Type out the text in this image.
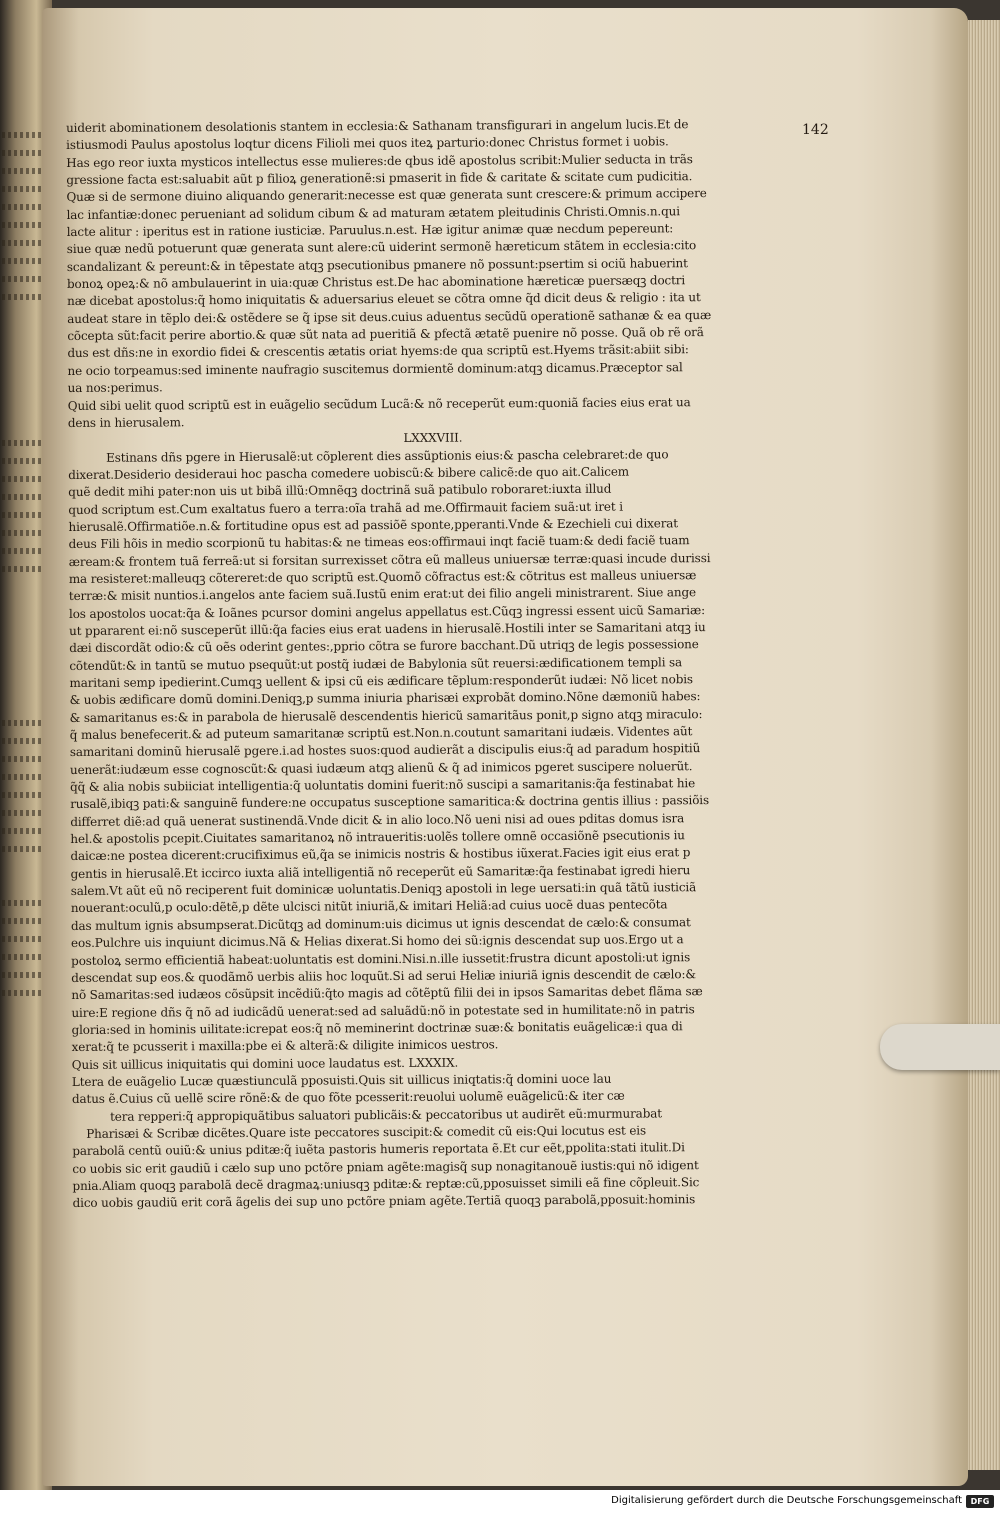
142
uiderit abominationem desolationis stantem in ecclesia:& Sathanam transfigurari in angelum lucis.Et de
istiusmodi Paulus apostolus loqtur dicens Filioli mei quos iteꝝ parturio:donec Christus formet i uobis.
Has ego reor iuxta mysticos intellectus esse mulieres:de qbus idẽ apostolus scribit:Mulier seducta in trãs
gressione facta est:saluabit aũt p filioꝝ generationẽ:si pmaserit in fide & caritate & scitate cum pudicitia.
Quæ si de sermone diuino aliquando generarit:necesse est quæ generata sunt crescere:& primum accipere
lac infantiæ:donec perueniant ad solidum cibum & ad maturam ætatem pleitudinis Christi.Omnis.n.qui
lacte alitur : iperitus est in ratione iusticiæ. Paruulus.n.est. Hæ igitur animæ quæ necdum pepereunt:
siue quæ nedũ potuerunt quæ generata sunt alere:cũ uiderint sermonẽ hæreticum stãtem in ecclesia:cito
scandalizant & pereunt:& in tẽpestate atqꝫ psecutionibus pmanere nõ possunt:psertim si ociũ habuerint
bonoꝝ opeꝝ:& nõ ambulauerint in uia:quæ Christus est.De hac abominatione hæreticæ puersæqꝫ doctri
næ dicebat apostolus:q̃ homo iniquitatis & aduersarius eleuet se cõtra omne q̃d dicit deus & religio : ita ut
audeat stare in tẽplo dei:& ostẽdere se q̃ ipse sit deus.cuius aduentus secũdũ operationẽ sathanæ & ea quæ
cõcepta sũt:facit perire abortio.& quæ sũt nata ad pueritiã & pfectã ætatẽ puenire nõ posse. Quã ob rẽ orã
dus est dñs:ne in exordio fidei & crescentis ætatis oriat hyems:de qua scriptũ est.Hyems trãsit:abiit sibi:
ne ocio torpeamus:sed iminente naufragio suscitemus dormientẽ dominum:atqꝫ dicamus.Præceptor sal
ua nos:perimus.
Quid sibi uelit quod scriptũ est in euãgelio secũdum Lucã:& nõ receperũt eum:quoniã facies eius erat ua
dens in hierusalem.
LXXXVIII.
Estinans dñs pgere in Hierusalẽ:ut cõplerent dies assũptionis eius:& pascha celebraret:de quo
dixerat.Desiderio desideraui hoc pascha comedere uobiscũ:& bibere calicẽ:de quo ait.Calicem
quẽ dedit mihi pater:non uis ut bibã illũ:Omnẽqꝫ doctrinã suã patibulo roboraret:iuxta illud
quod scriptum est.Cum exaltatus fuero a terra:oĩa trahã ad me.Offirmauit faciem suã:ut iret i
hierusalẽ.Offirmatiõe.n.& fortitudine opus est ad passiõẽ sponte,pperanti.Vnde & Ezechieli cui dixerat
deus Fili hõis in medio scorpionũ tu habitas:& ne timeas eos:offirmaui inqt faciẽ tuam:& dedi faciẽ tuam
æream:& frontem tuã ferreã:ut si forsitan surrexisset cõtra eũ malleus uniuersæ terræ:quasi incude durissi
ma resisteret:malleuqꝫ cõtereret:de quo scriptũ est.Quomõ cõfractus est:& cõtritus est malleus uniuersæ
terræ:& misit nuntios.i.angelos ante faciem suã.Iustũ enim erat:ut dei filio angeli ministrarent. Siue ange
los apostolos uocat:q̃a & Ioãnes pcursor domini angelus appellatus est.Cũqꝫ ingressi essent uicũ Samariæ:
ut ppararent ei:nõ susceperũt illũ:q̃a facies eius erat uadens in hierusalẽ.Hostili inter se Samaritani atqꝫ iu
dæi discordãt odio:& cũ oẽs oderint gentes:,pprio cõtra se furore bacchant.Dũ utriqꝫ de legis possessione
cõtendũt:& in tantũ se mutuo psequũt:ut postq̃ iudæi de Babylonia sũt reuersi:ædificationem templi sa
maritani semp ipedierint.Cumqꝫ uellent & ipsi cũ eis ædificare tẽplum:responderũt iudæi: Nõ licet nobis
& uobis ædificare domũ domini.Deniqꝫ,p summa iniuria pharisæi exprobãt domino.Nõne dæmoniũ habes:
& samaritanus es:& in parabola de hierusalẽ descendentis hiericũ samaritãus ponit,p signo atqꝫ miraculo:
q̃ malus benefecerit.& ad puteum samaritanæ scriptũ est.Non.n.coutunt samaritani iudæis. Videntes aũt
samaritani dominũ hierusalẽ pgere.i.ad hostes suos:quod audierãt a discipulis eius:q̃ ad paradum hospitiũ
uenerãt:iudæum esse cognoscũt:& quasi iudæum atqꝫ alienũ & q̃ ad inimicos pgeret suscipere noluerũt.
q̃q̃ & alia nobis subiiciat intelligentia:q̃ uoluntatis domini fuerit:nõ suscipi a samaritanis:q̃a festinabat hie
rusalẽ,ibiqꝫ pati:& sanguinẽ fundere:ne occupatus susceptione samaritica:& doctrina gentis illius : passiõis
differret diẽ:ad quã uenerat sustinendã.Vnde dicit & in alio loco.Nõ ueni nisi ad oues pditas domus isra
hel.& apostolis pcepit.Ciuitates samaritanoꝝ nõ intraueritis:uolẽs tollere omnẽ occasiõnẽ psecutionis iu
daicæ:ne postea dicerent:crucifiximus eũ,q̃a se inimicis nostris & hostibus iũxerat.Facies igit eius erat p
gentis in hierusalẽ.Et iccirco iuxta aliã intelligentiã nõ receperũt eũ Samaritæ:q̃a festinabat igredi hieru
salem.Vt aũt eũ nõ reciperent fuit dominicæ uoluntatis.Deniqꝫ apostoli in lege uersati:in quã tãtũ iusticiã
nouerant:oculũ,p oculo:dẽtẽ,p dẽte ulcisci nitũt iniuriã,& imitari Heliã:ad cuius uocẽ duas pentecõta
das multum ignis absumpserat.Dicũtqꝫ ad dominum:uis dicimus ut ignis descendat de cælo:& consumat
eos.Pulchre uis inquiunt dicimus.Nã & Helias dixerat.Si homo dei sũ:ignis descendat sup uos.Ergo ut a
postoloꝝ sermo efficientiã habeat:uoluntatis est domini.Nisi.n.ille iussetit:frustra dicunt apostoli:ut ignis
descendat sup eos.& quodãmõ uerbis aliis hoc loquũt.Si ad serui Heliæ iniuriã ignis descendit de cælo:&
nõ Samaritas:sed iudæos cõsũpsit incẽdiũ:q̃to magis ad cõtẽptũ filii dei in ipsos Samaritas debet flãma sæ
uire:E regione dñs q̃ nõ ad iudicãdũ uenerat:sed ad saluãdũ:nõ in potestate sed in humilitate:nõ in patris
gloria:sed in hominis uilitate:icrepat eos:q̃ nõ meminerint doctrinæ suæ:& bonitatis euãgelicæ:i qua di
xerat:q̃ te pcusserit i maxilla:pbe ei & alterã:& diligite inimicos uestros.
Quis sit uillicus iniquitatis qui domini uoce laudatus est. LXXXIX.
Ltera de euãgelio Lucæ quæstiunculã pposuisti.Quis sit uillicus iniqtatis:q̃ domini uoce lau
datus ẽ.Cuius cũ uellẽ scire rõnẽ:& de quo fõte pcesserit:reuolui uolumẽ euãgelicũ:& iter cæ
tera repperi:q̃ appropiquãtibus saluatori publicãis:& peccatoribus ut audirẽt eũ:murmurabat
Pharisæi & Scribæ dicẽtes.Quare iste peccatores suscipit:& comedit cũ eis:Qui locutus est eis
parabolã centũ ouiũ:& unius pditæ:q̃ iuẽta pastoris humeris reportata ẽ.Et cur eẽt,ppolita:stati itulit.Di
co uobis sic erit gaudiũ i cælo sup uno pctõre pniam agẽte:magisq̃ sup nonagitanouẽ iustis:qui nõ idigent
pnia.Aliam quoqꝫ parabolã decẽ dragmaꝝ:uniusqꝫ pditæ:& reptæ:cũ,pposuisset simili eã fine cõpleuit.Sic
dico uobis gaudiũ erit corã ãgelis dei sup uno pctõre pniam agẽte.Tertiã quoqꝫ parabolã,pposuit:hominis
Digitalisierung gefördert durch die Deutsche Forschungsgemeinschaft	DFG
